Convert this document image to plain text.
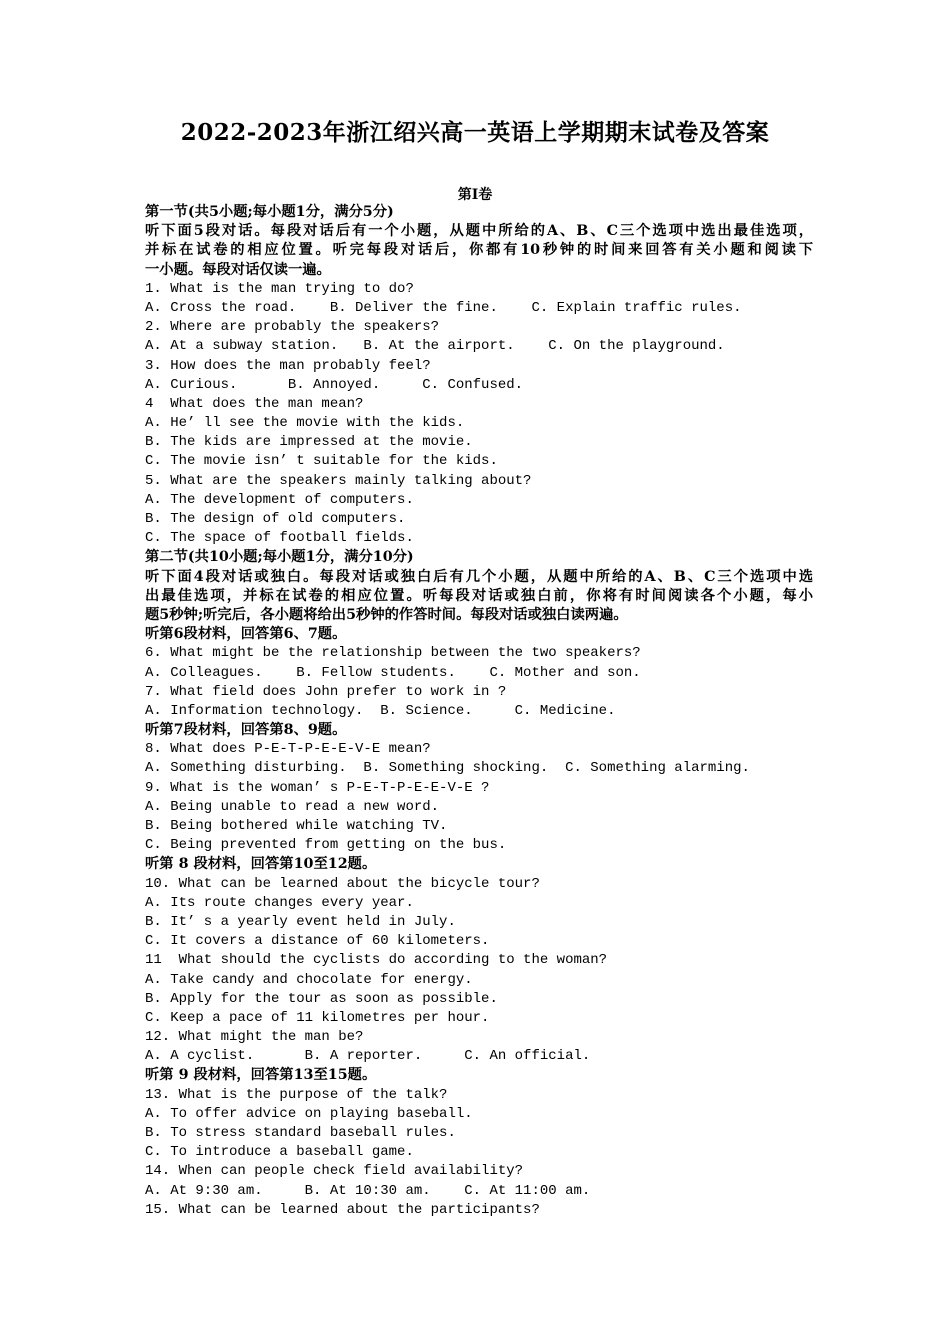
2022-2023年浙江绍兴高一英语上学期期末试卷及答案
第Ⅰ卷
第一节(共5小题;每小题1分，满分5分)
听下面5段对话。每段对话后有一个小题，从题中所给的A、B、C三个选项中选出最佳选项，
并标在试卷的相应位置。听完每段对话后，你都有10秒钟的时间来回答有关小题和阅读下
一小题。每段对话仅读一遍。
1. What is the man trying to do?
A. Cross the road.    B. Deliver the fine.    C. Explain traffic rules.
2. Where are probably the speakers?
A. At a subway station.   B. At the airport.    C. On the playground.
3. How does the man probably feel?
A. Curious.      B. Annoyed.     C. Confused.
4  What does the man mean?
A. He’ ll see the movie with the kids.
B. The kids are impressed at the movie.
C. The movie isn’ t suitable for the kids.
5. What are the speakers mainly talking about?
A. The development of computers.
B. The design of old computers.
C. The space of football fields.
第二节(共10小题;每小题1分，满分10分)
听下面4段对话或独白。每段对话或独白后有几个小题，从题中所给的A、B、C三个选项中选
出最佳选项，并标在试卷的相应位置。听每段对话或独白前，你将有时间阅读各个小题，每小
题5秒钟;听完后，各小题将给出5秒钟的作答时间。每段对话或独白读两遍。
听第6段材料，回答第6、7题。
6. What might be the relationship between the two speakers?
A. Colleagues.    B. Fellow students.    C. Mother and son.
7. What field does John prefer to work in ?
A. Information technology.  B. Science.     C. Medicine.
听第7段材料，回答第8、9题。
8. What does P-E-T-P-E-E-V-E mean?
A. Something disturbing.  B. Something shocking.  C. Something alarming.
9. What is the woman’ s P-E-T-P-E-E-V-E ?
A. Being unable to read a new word.
B. Being bothered while watching TV.
C. Being prevented from getting on the bus.
听第 8 段材料，回答第10至12题。
10. What can be learned about the bicycle tour?
A. Its route changes every year.
B. It’ s a yearly event held in July.
C. It covers a distance of 60 kilometers.
11  What should the cyclists do according to the woman?
A. Take candy and chocolate for energy.
B. Apply for the tour as soon as possible.
C. Keep a pace of 11 kilometres per hour.
12. What might the man be?
A. A cyclist.      B. A reporter.     C. An official.
听第 9 段材料，回答第13至15题。
13. What is the purpose of the talk?
A. To offer advice on playing baseball.
B. To stress standard baseball rules.
C. To introduce a baseball game.
14. When can people check field availability?
A. At 9:30 am.     B. At 10:30 am.    C. At 11:00 am.
15. What can be learned about the participants?
